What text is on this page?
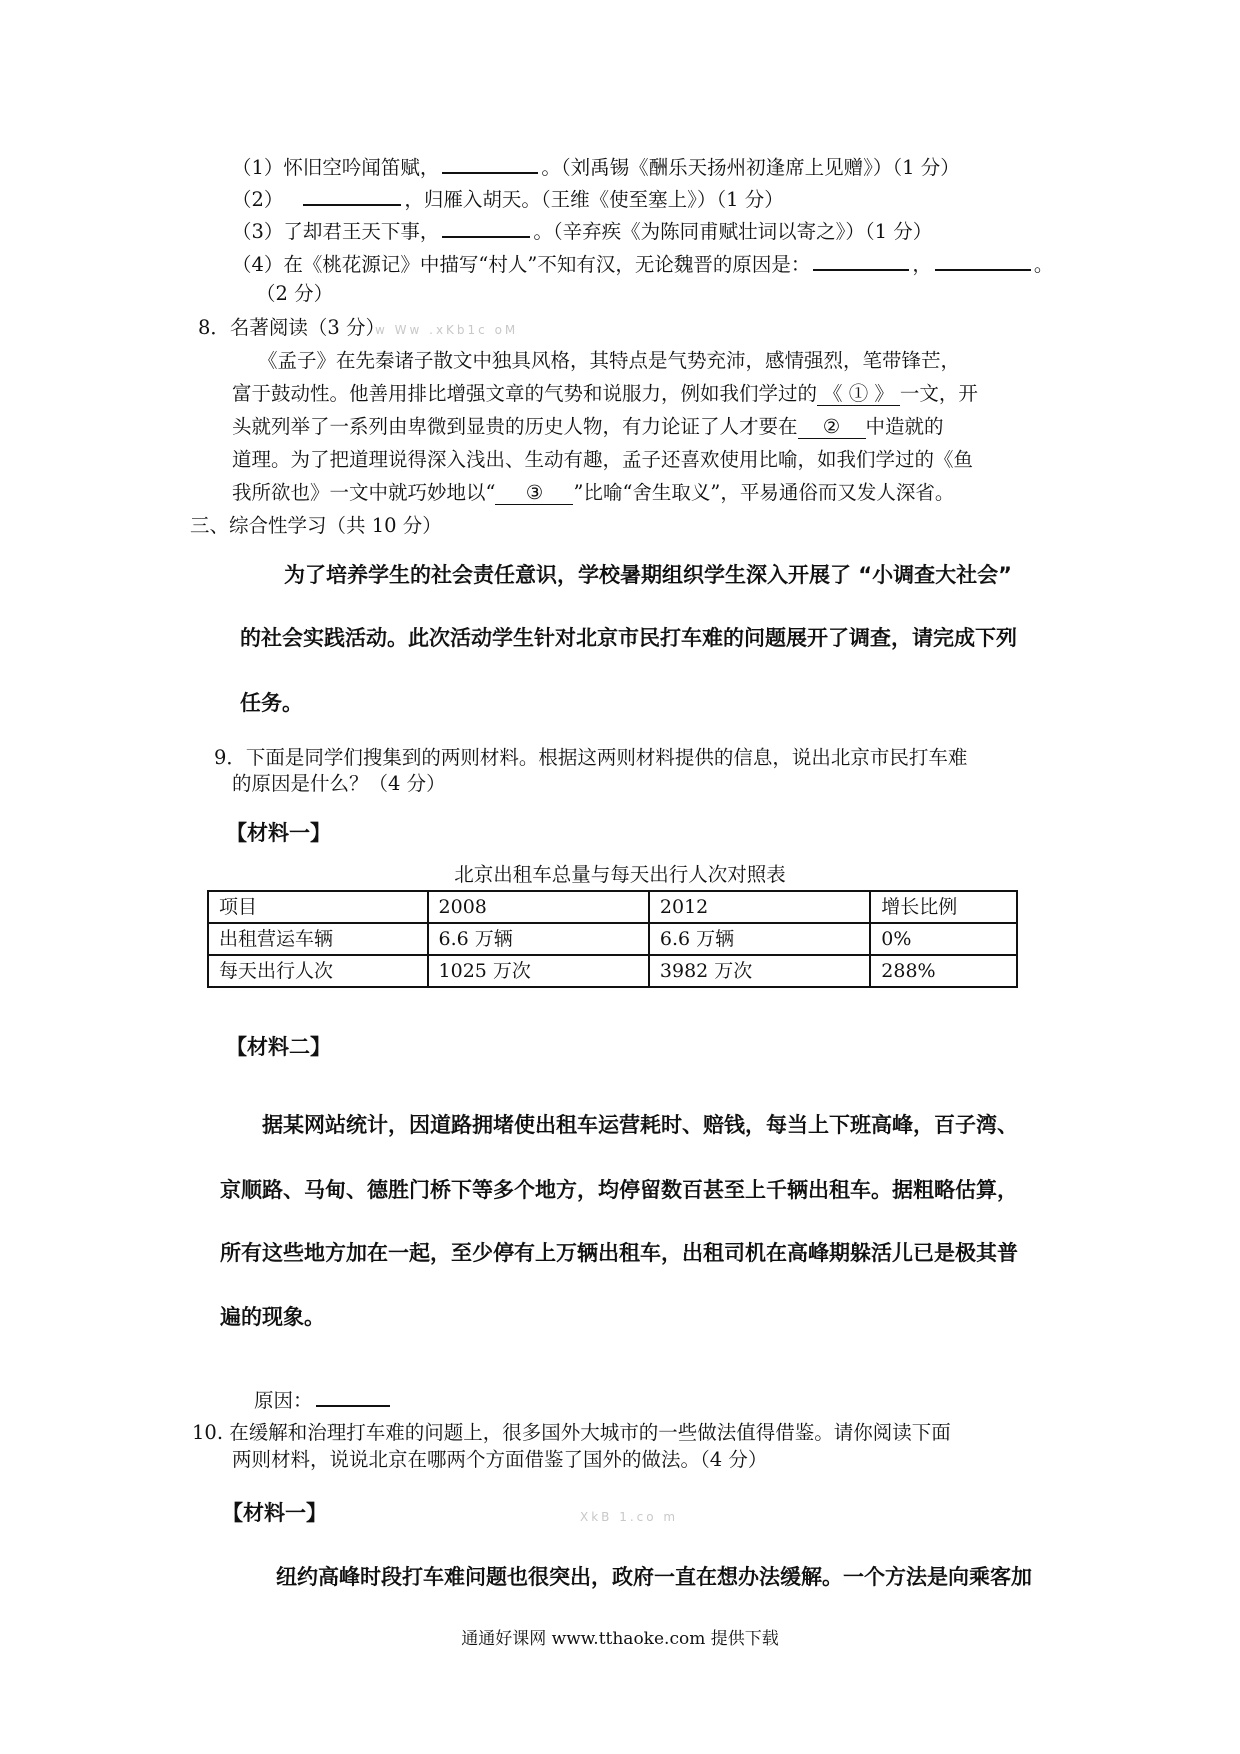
（1）怀旧空吟闻笛赋，	。（刘禹锡《酬乐天扬州初逢席上见赠》）（1 分）
（2）	，归雁入胡天。（王维《使至塞上》）（1 分）
（3）了却君王天下事，	。（辛弃疾《为陈同甫赋壮词以寄之》）（1 分）
（4）在《桃花源记》中描写“村人”不知有汉，无论魏晋的原因是：	，	。
（2 分）
8．名著阅读（3 分）
w Ww .xKb1c oM
《孟子》在先秦诸子散文中独具风格，其特点是气势充沛，感情强烈，笔带锋芒，
富于鼓动性。他善用排比增强文章的气势和说服力，例如我们学过的 《 ① 》 一文，开
头就列举了一系列由卑微到显贵的历史人物，有力论证了人才要在 ② 中造就的
道理。为了把道理说得深入浅出、生动有趣，孟子还喜欢使用比喻，如我们学过的《鱼
我所欲也》一文中就巧妙地以“ ③ ”比喻“舍生取义”，平易通俗而又发人深省。
三、综合性学习（共 10 分）
为了培养学生的社会责任意识，学校暑期组织学生深入开展了 “小调查大社会”
的社会实践活动。此次活动学生针对北京市民打车难的问题展开了调查，请完成下列
任务。
9．下面是同学们搜集到的两则材料。根据这两则材料提供的信息，说出北京市民打车难
的原因是什么？（4 分）
【材料一】
北京出租车总量与每天出行人次对照表
项目	2008	2012	增长比例
出租营运车辆	6.6 万辆	6.6 万辆	0%
每天出行人次	1025 万次	3982 万次	288%
【材料二】
据某网站统计，因道路拥堵使出租车运营耗时、赔钱，每当上下班高峰，百子湾、
京顺路、马甸、德胜门桥下等多个地方，均停留数百甚至上千辆出租车。据粗略估算，
所有这些地方加在一起，至少停有上万辆出租车，出租司机在高峰期躲活儿已是极其普
遍的现象。
原因：
10. 在缓解和治理打车难的问题上，很多国外大城市的一些做法值得借鉴。请你阅读下面
两则材料，说说北京在哪两个方面借鉴了国外的做法。（4 分）
【材料一】	XkB 1.co m
纽约高峰时段打车难问题也很突出，政府一直在想办法缓解。一个方法是向乘客加
通通好课网 www.tthaoke.com 提供下载
